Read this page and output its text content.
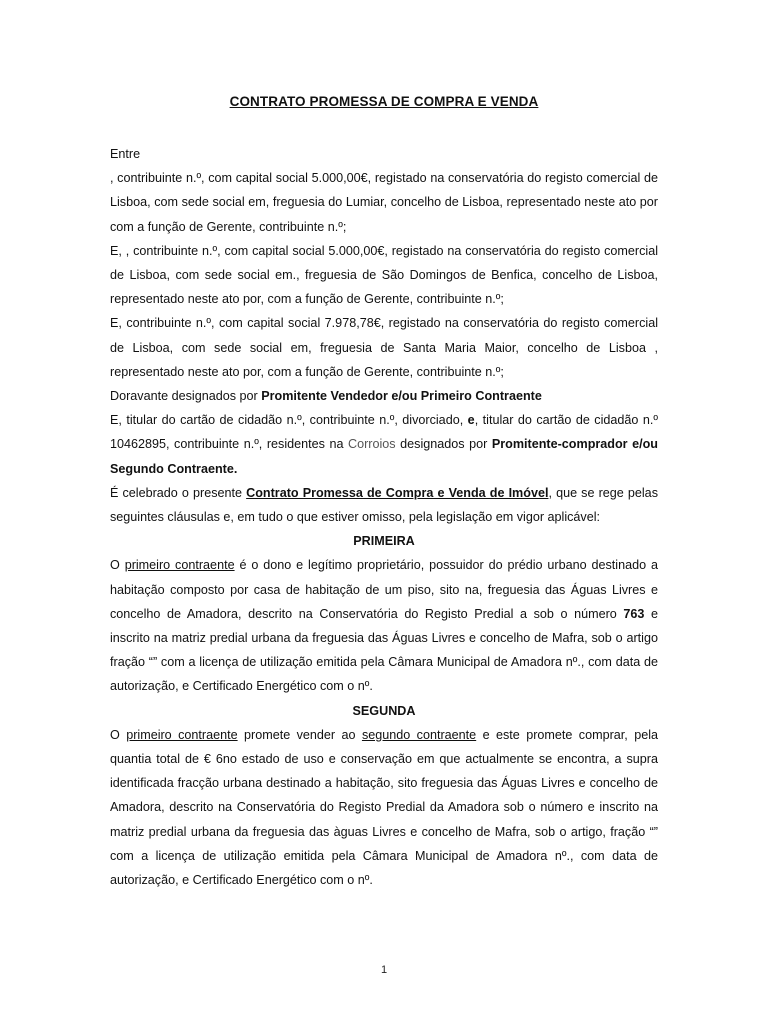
CONTRATO PROMESSA DE COMPRA E VENDA

Entre

, contribuinte n.º, com capital social 5.000,00€, registado na conservatória do registo comercial de Lisboa, com sede social em, freguesia do Lumiar, concelho de Lisboa, representado neste ato por com a função de Gerente, contribuinte n.º;

E, , contribuinte n.º, com capital social 5.000,00€, registado na conservatória do registo comercial de Lisboa, com sede social em., freguesia de São Domingos de Benfica, concelho de Lisboa, representado neste ato por, com a função de Gerente, contribuinte n.º;

E, contribuinte n.º, com capital social 7.978,78€, registado na conservatória do registo comercial de Lisboa, com sede social em, freguesia de Santa Maria Maior, concelho de Lisboa , representado neste ato por, com a função de Gerente, contribuinte n.º;

Doravante designados por Promitente Vendedor e/ou Primeiro Contraente

E, titular do cartão de cidadão n.º, contribuinte n.º, divorciado, e, titular do cartão de cidadão n.º 10462895, contribuinte n.º, residentes na Corroios designados por Promitente-comprador e/ou Segundo Contraente.

É celebrado o presente Contrato Promessa de Compra e Venda de Imóvel, que se rege pelas seguintes cláusulas e, em tudo o que estiver omisso, pela legislação em vigor aplicável:

PRIMEIRA

O primeiro contraente é o dono e legítimo proprietário, possuidor do prédio urbano destinado a habitação composto por casa de habitação de um piso, sito na, freguesia das Águas Livres e concelho de Amadora, descrito na Conservatória do Registo Predial a sob o número 763 e inscrito na matriz predial urbana da freguesia das Águas Livres e concelho de Mafra, sob o artigo fração “” com a licença de utilização emitida pela Câmara Municipal de Amadora nº., com data de autorização, e Certificado Energético com o nº.

SEGUNDA

O primeiro contraente promete vender ao segundo contraente e este promete comprar, pela quantia total de € 6no estado de uso e conservação em que actualmente se encontra, a supra identificada fracção urbana destinado a habitação, sito freguesia das Águas Livres e concelho de Amadora, descrito na Conservatória do Registo Predial da Amadora sob o número e inscrito na matriz predial urbana da freguesia das àguas Livres e concelho de Mafra, sob o artigo, fração “” com a licença de utilização emitida pela Câmara Municipal de Amadora nº., com data de autorização, e Certificado Energético com o nº.

1
